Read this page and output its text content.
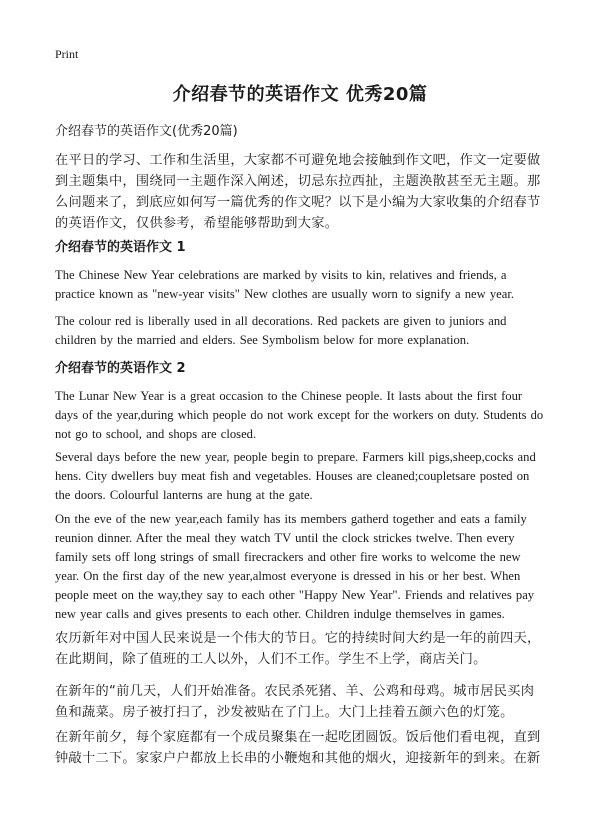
Print
介绍春节的英语作文 优秀20篇
介绍春节的英语作文(优秀20篇)

在平日的学习、工作和生活里，大家都不可避免地会接触到作文吧，作文一定要做到主题集中，围绕同一主题作深入阐述，切忌东拉西扯，主题涣散甚至无主题。那么问题来了，到底应如何写一篇优秀的作文呢？以下是小编为大家收集的介绍春节的英语作文，仅供参考，希望能够帮助到大家。

介绍春节的英语作文 1

The Chinese New Year celebrations are marked by visits to kin, relatives and friends, a practice known as "new-year visits" New clothes are usually worn to signify a new year.

The colour red is liberally used in all decorations. Red packets are given to juniors and children by the married and elders. See Symbolism below for more explanation.

介绍春节的英语作文 2

The Lunar New Year is a great occasion to the Chinese people. It lasts about the first four days of the year,during which people do not work except for the workers on duty. Students do not go to school, and shops are closed.

Several days before the new year, people begin to prepare. Farmers kill pigs,sheep,cocks and hens. City dwellers buy meat fish and vegetables. Houses are cleaned;coupletsare posted on the doors. Colourful lanterns are hung at the gate.

On the eve of the new year,each family has its members gatherd together and eats a family reunion dinner. After the meal they watch TV until the clock strickes twelve. Then every family sets off long strings of small firecrackers and other fire works to welcome the new year. On the first day of the new year,almost everyone is dressed in his or her best. When people meet on the way,they say to each other "Happy New Year". Friends and relatives pay new year calls and gives presents to each other. Children indulge themselves in games.

农历新年对中国人民来说是一个伟大的节日。它的持续时间大约是一年的前四天，在此期间，除了值班的工人以外，人们不工作。学生不上学，商店关门。

在新年的“前几天，人们开始准备。农民杀死猪、羊、公鸡和母鸡。城市居民买肉鱼和蔬菜。房子被打扫了，沙发被贴在了门上。大门上挂着五颜六色的灯笼。

在新年前夕，每个家庭都有一个成员聚集在一起吃团圆饭。饭后他们看电视，直到钟敲十二下。家家户户都放上长串的小鞭炮和其他的烟火，迎接新年的到来。在新
